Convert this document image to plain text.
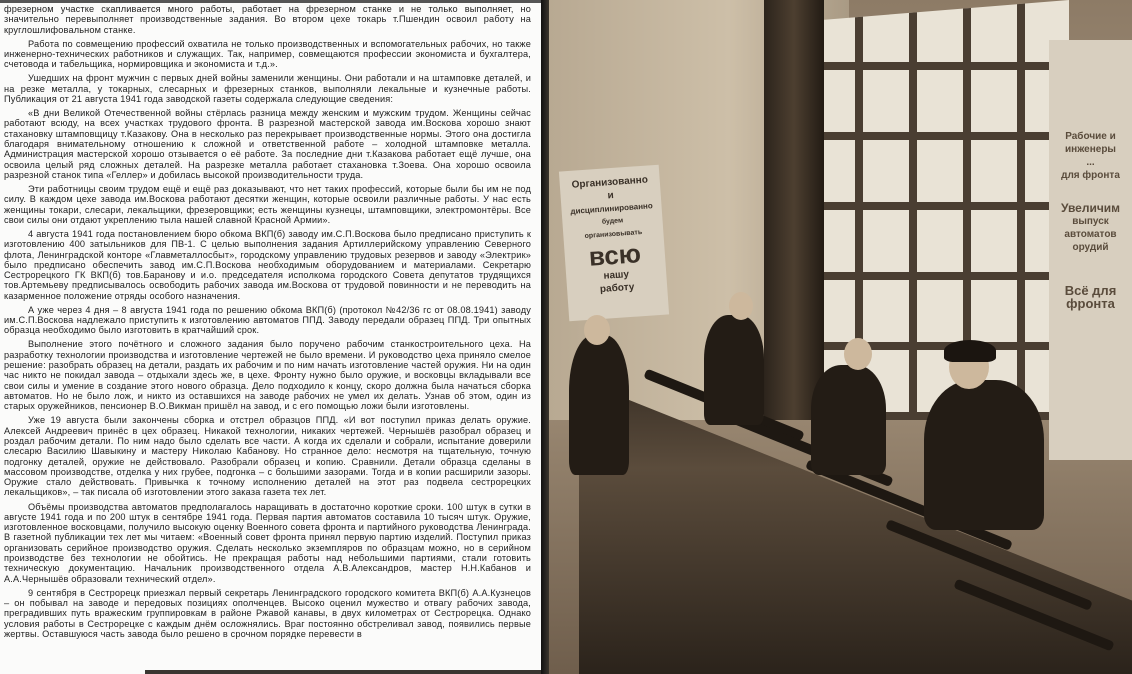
фрезерном участке скапливается много работы, работает на фрезерном станке и не только выполняет, но значительно перевыполняет производственные задания. Во втором цехе токарь т.Пшендин освоил работу на круглошлифовальном станке.

Работа по совмещению профессий охватила не только производственных и вспомогательных рабочих, но также инженерно-технических работников и служащих. Так, например, совмещаются профессии экономиста и бухгалтера, счетовода и табельщика, нормировщика и экономиста и т.д.».

Ушедших на фронт мужчин с первых дней войны заменили женщины. Они работали и на штамповке деталей, и на резке металла, у токарных, слесарных и фрезерных станков, выполняли лекальные и кузнечные работы. Публикация от 21 августа 1941 года заводской газеты содержала следующие сведения:

«В дни Великой Отечественной войны стёрлась разница между женским и мужским трудом. Женщины сейчас работают всюду, на всех участках трудового фронта. В разрезной мастерской завода им.Воскова хорошо знают стахановку штамповщицу т.Казакову. Она в несколько раз перекрывает производственные нормы. Этого она достигла благодаря внимательному отношению к сложной и ответственной работе – холодной штамповке металла. Администрация мастерской хорошо отзывается о её работе. За последние дни т.Казакова работает ещё лучше, она освоила целый ряд сложных деталей. На разрезке металла работает стахановка т.Зоева. Она хорошо освоила разрезной станок типа «Геллер» и добилась высокой производительности труда.

Эти работницы своим трудом ещё и ещё раз доказывают, что нет таких профессий, которые были бы им не под силу. В каждом цехе завода им.Воскова работают десятки женщин, которые освоили различные работы. У нас есть женщины токари, слесари, лекальщики, фрезеровщики; есть женщины кузнецы, штамповщики, электромонтёры. Все свои силы они отдают укреплению тыла нашей славной Красной Армии».

4 августа 1941 года постановлением бюро обкома ВКП(б) заводу им.С.П.Воскова было предписано приступить к изготовлению 400 затыльников для ПВ-1. С целью выполнения задания Артиллерийскому управлению Северного флота, Ленинградской конторе «Главметаллосбыт», городскому управлению трудовых резервов и заводу «Электрик» было предписано обеспечить завод им.С.П.Воскова необходимым оборудованием и материалами. Секретарю Сестрорецкого ГК ВКП(б) тов.Баранову и и.о. председателя исполкома городского Совета депутатов трудящихся тов.Артемьеву предписывалось освободить рабочих завода им.Воскова от трудовой повинности и не переводить на казарменное положение отряды особого назначения.

А уже через 4 дня – 8 августа 1941 года по решению обкома ВКП(б) (протокол №42/36 гс от 08.08.1941) заводу им.С.П.Воскова надлежало приступить к изготовлению автоматов ППД. Заводу передали образец ППД. Три опытных образца необходимо было изготовить в кратчайший срок.

Выполнение этого почётного и сложного задания было поручено рабочим станкостроительного цеха. На разработку технологии производства и изготовление чертежей не было времени. И руководство цеха приняло смелое решение: разобрать образец на детали, раздать их рабочим и по ним начать изготовление частей оружия. Ни на один час никто не покидал завода – отдыхали здесь же, в цехе. Фронту нужно было оружие, и восковцы вкладывали все свои силы и умение в создание этого нового образца. Дело подходило к концу, скоро должна была начаться сборка автоматов. Но не было лож, и никто из оставшихся на заводе рабочих не умел их делать. Узнав об этом, один из старых оружейников, пенсионер В.О.Викман пришёл на завод, и с его помощью ложи были изготовлены.

Уже 19 августа были закончены сборка и отстрел образцов ППД. «И вот поступил приказ делать оружие. Алексей Андреевич принёс в цех образец. Никакой технологии, никаких чертежей. Чернышёв разобрал образец и роздал рабочим детали. По ним надо было сделать все части. А когда их сделали и собрали, испытание доверили слесарю Василию Шавыкину и мастеру Николаю Кабанову. Но странное дело: несмотря на тщательную, точную подгонку деталей, оружие не действовало. Разобрали образец и копию. Сравнили. Детали образца сделаны в массовом производстве, отделка у них грубее, подгонка – с большими зазорами. Тогда и в копии расширили зазоры. Оружие стало действовать. Привычка к точному исполнению деталей на этот раз подвела сестрорецких лекальщиков», – так писала об изготовлении этого заказа газета тех лет.

Объёмы производства автоматов предполагалось наращивать в достаточно короткие сроки. 100 штук в сутки в августе 1941 года и по 200 штук в сентябре 1941 года. Первая партия автоматов составила 10 тысяч штук. Оружие, изготовленное восковцами, получило высокую оценку Военного совета фронта и партийного руководства Ленинграда. В газетной публикации тех лет мы читаем: «Военный совет фронта принял первую партию изделий. Поступил приказ организовать серийное производство оружия. Сделать несколько экземпляров по образцам можно, но в серийном производстве без технологии не обойтись. Не прекращая работы над небольшими партиями, стали готовить техническую документацию. Начальник производственного отдела А.В.Александров, мастер Н.Н.Кабанов и А.А.Чернышёв образовали технический отдел».

9 сентября в Сестрорецк приезжал первый секретарь Ленинградского городского комитета ВКП(б) А.А.Кузнецов – он побывал на заводе и передовых позициях ополченцев. Высоко оценил мужество и отвагу рабочих завода, преградивших путь вражеским группировкам в районе Ржавой канавы, в двух километрах от Сестрорецка. Однако условия работы в Сестрорецке с каждым днём осложнялись. Враг постоянно обстреливал завод, появились первые жертвы. Оставшуюся часть завода было решено в срочном порядке перевести в

Организованно
и
дисциплинированно
будем
организовывать
всю
нашу
работу
Рабочие и
инженеры
...
для фронта
Увеличим
выпуск
автоматов
орудий
Всё для фронта
